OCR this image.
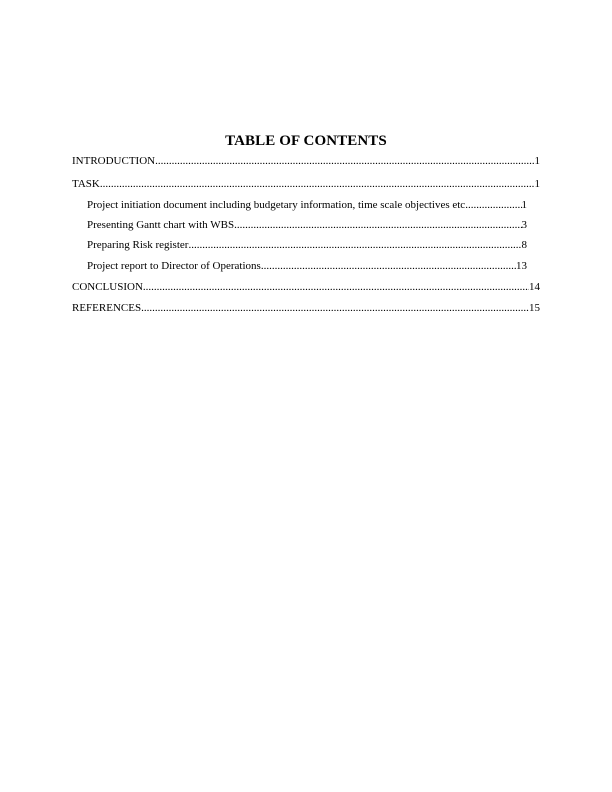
TABLE OF CONTENTS
INTRODUCTION .....	1
TASK .....	1
Project initiation document including budgetary information, time scale objectives etc .....	1
Presenting Gantt chart with WBS .....	3
Preparing Risk register .....	8
Project report to Director of Operations .....	13
CONCLUSION .....	14
REFERENCES .....	15
